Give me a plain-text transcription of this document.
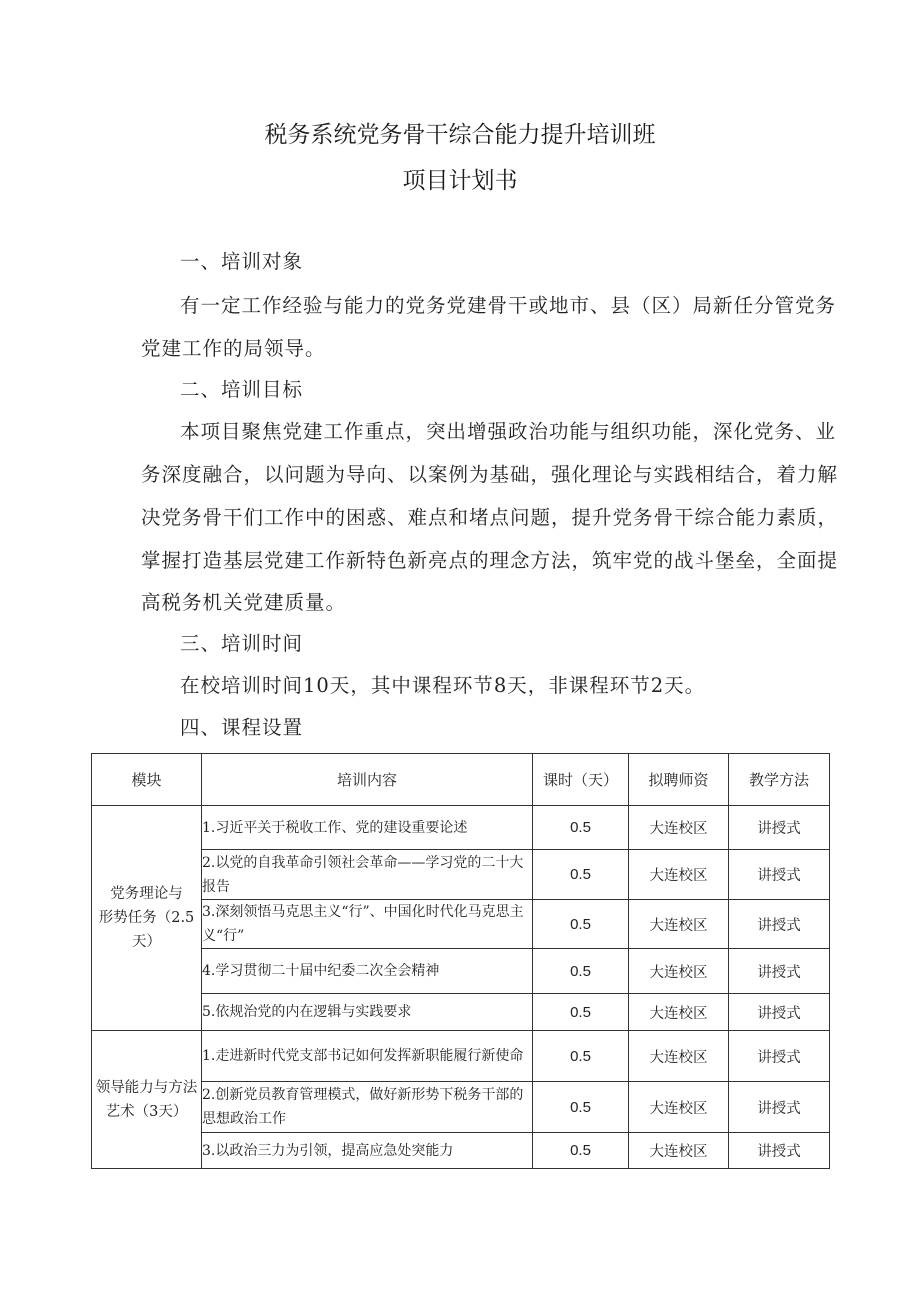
税务系统党务骨干综合能力提升培训班
项目计划书
一、培训对象
有一定工作经验与能力的党务党建骨干或地市、县（区）局新任分管党务
党建工作的局领导。
二、培训目标
本项目聚焦党建工作重点，突出增强政治功能与组织功能，深化党务、业
务深度融合，以问题为导向、以案例为基础，强化理论与实践相结合，着力解
决党务骨干们工作中的困惑、难点和堵点问题，提升党务骨干综合能力素质，
掌握打造基层党建工作新特色新亮点的理念方法，筑牢党的战斗堡垒，全面提
高税务机关党建质量。
三、培训时间
在校培训时间10天，其中课程环节8天，非课程环节2天。
四、课程设置
模块	培训内容	课时（天）	拟聘师资	教学方法

党务理论与
形势任务（2.5
天）	1.习近平关于税收工作、党的建设重要论述	0.5	大连校区	讲授式
	2.以党的自我革命引领社会革命——学习党的二十大报告	0.5	大连校区	讲授式
	3.深刻领悟马克思主义“行”、中国化时代化马克思主义“行”	0.5	大连校区	讲授式
	4.学习贯彻二十届中纪委二次全会精神	0.5	大连校区	讲授式
	5.依规治党的内在逻辑与实践要求	0.5	大连校区	讲授式

领导能力与方法
艺术（3天）	1.走进新时代党支部书记如何发挥新职能履行新使命	0.5	大连校区	讲授式
	2.创新党员教育管理模式，做好新形势下税务干部的思想政治工作	0.5	大连校区	讲授式
	3.以政治三力为引领，提高应急处突能力	0.5	大连校区	讲授式
